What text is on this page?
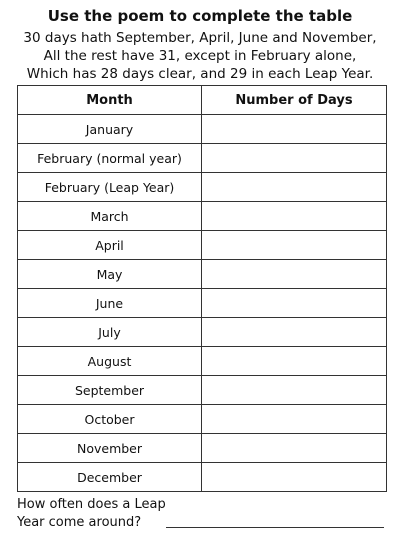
Use the poem to complete the table
30 days hath September, April, June and November,
All the rest have 31, except in February alone,
Which has 28 days clear, and 29 in each Leap Year.
Month	Number of Days
January	
February (normal year)	
February (Leap Year)	
March	
April	
May	
June	
July	
August	
September	
October	
November	
December	
How often does a Leap
Year come around?
